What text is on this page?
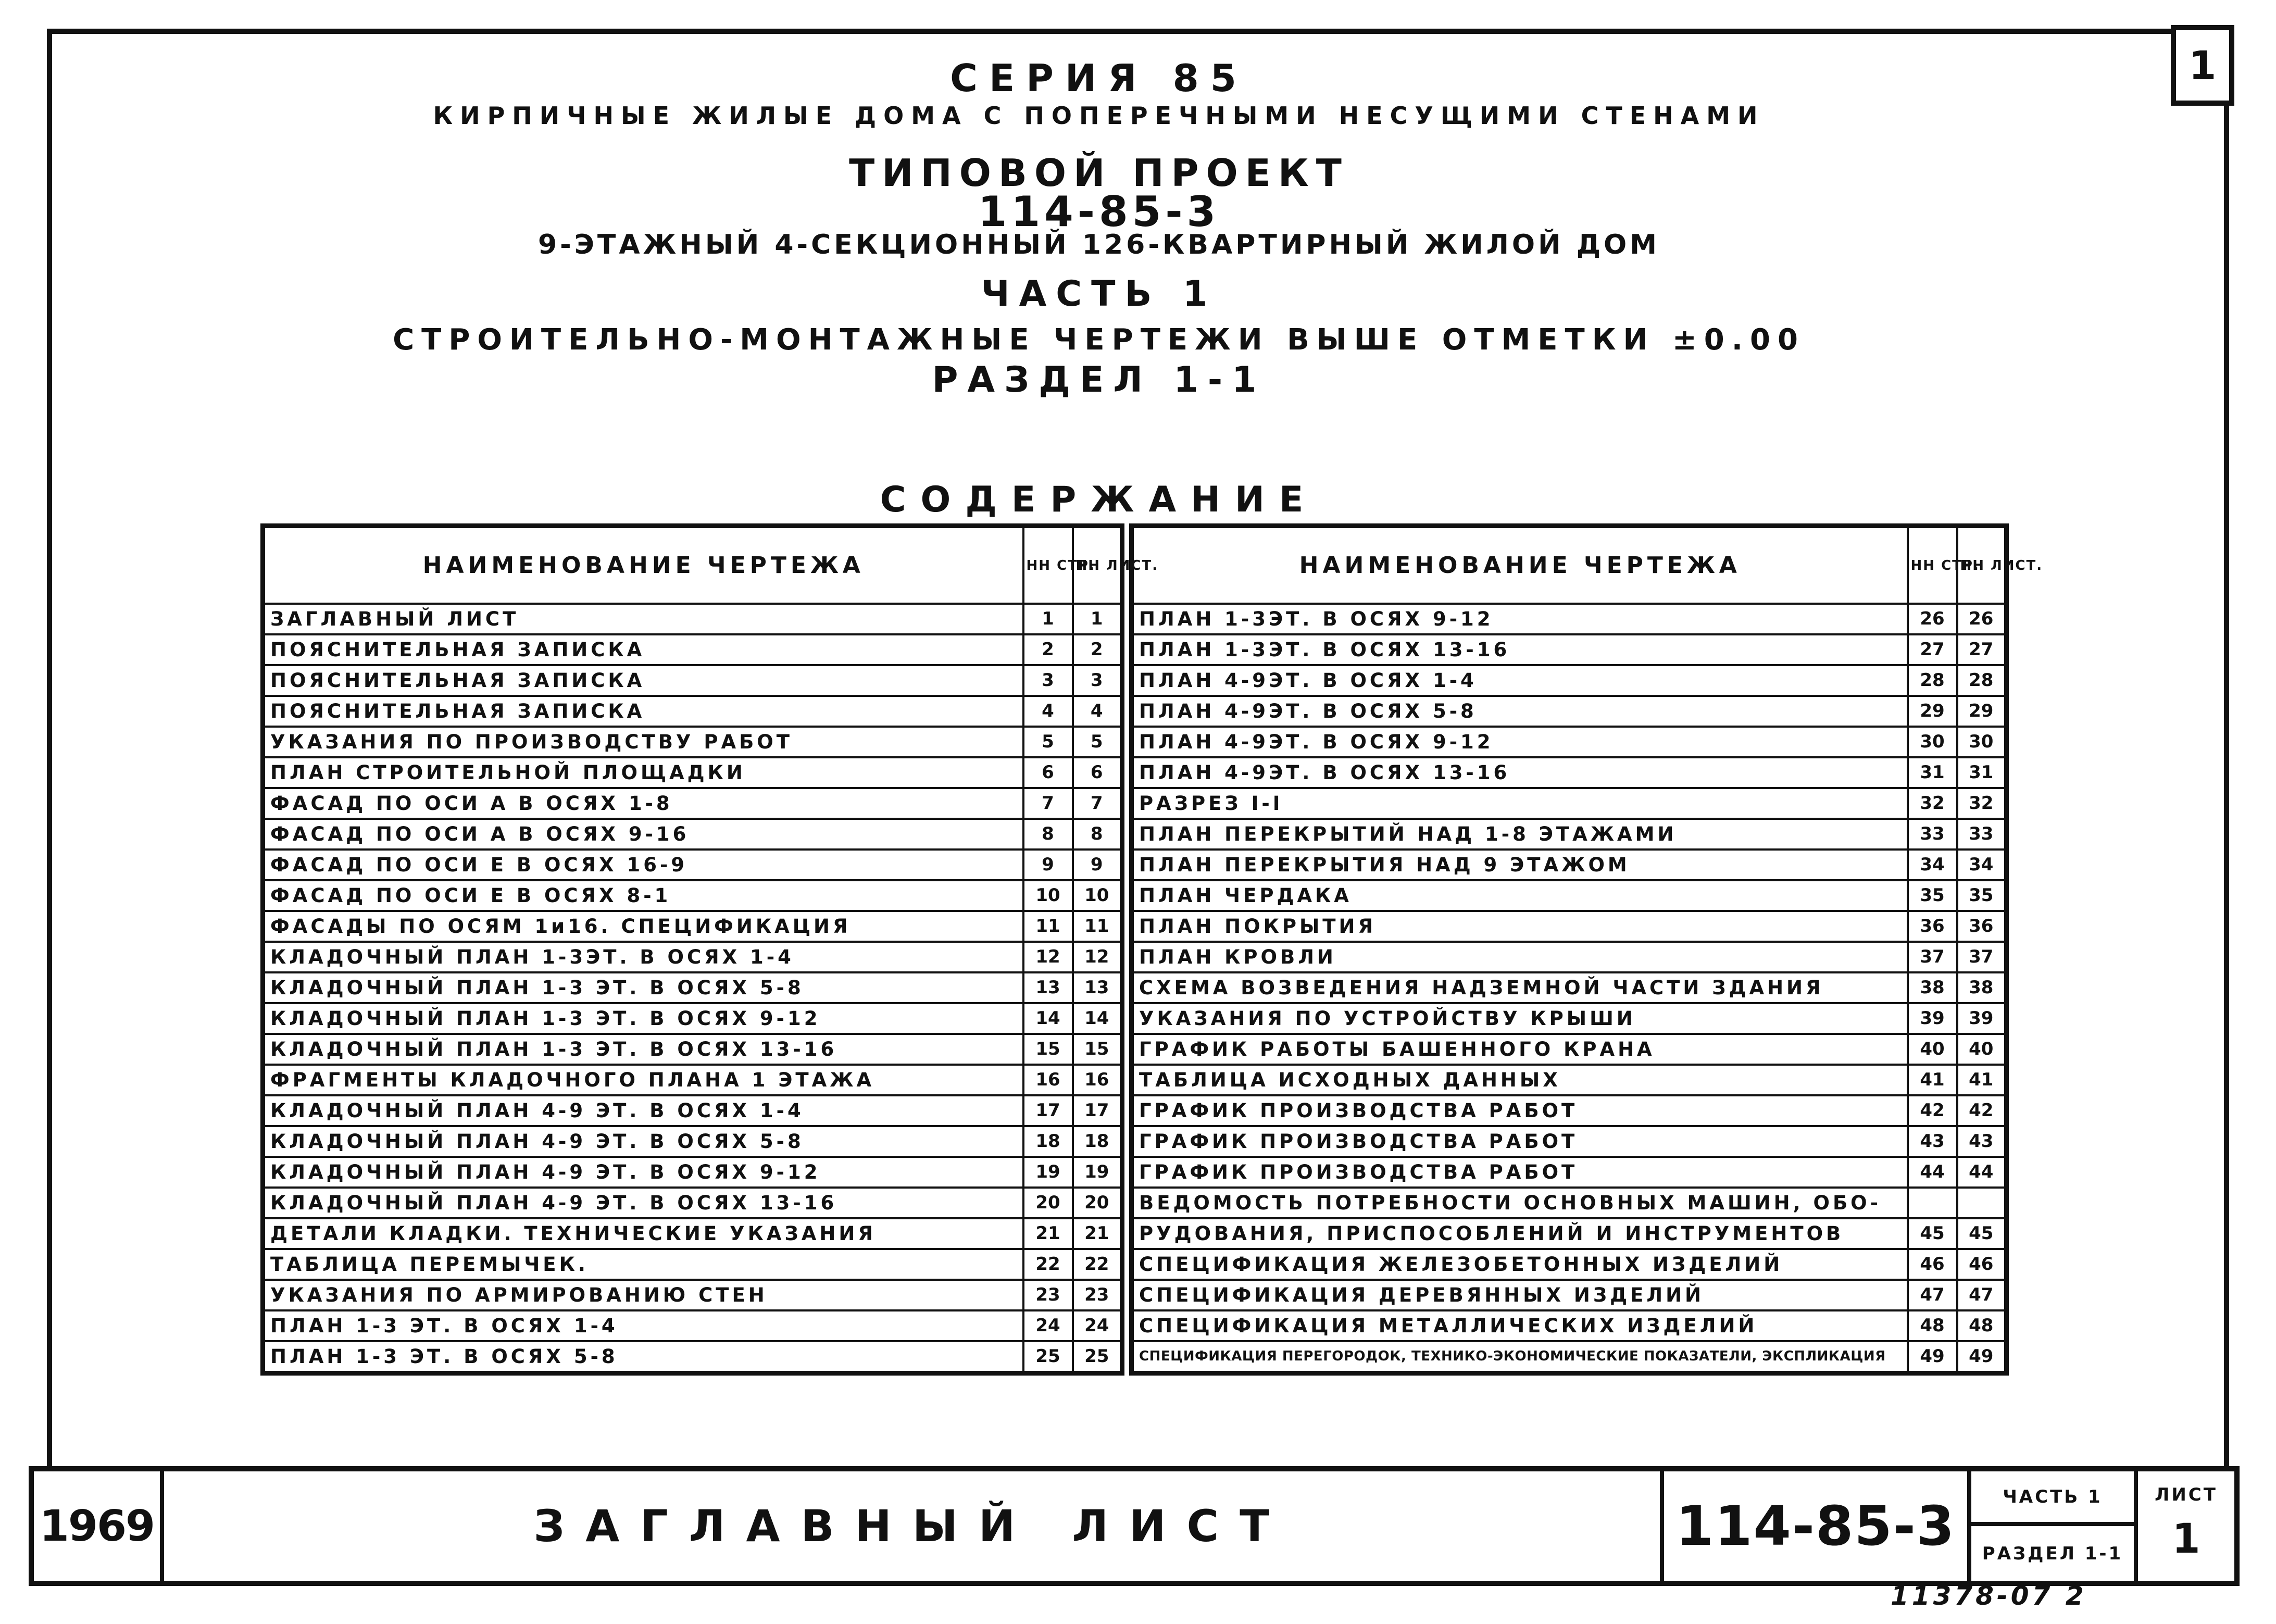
1
СЕРИЯ 85
КИРПИЧНЫЕ ЖИЛЫЕ ДОМА С ПОПЕРЕЧНЫМИ НЕСУЩИМИ СТЕНАМИ
ТИПОВОЙ ПРОЕКТ
114-85-3
9-ЭТАЖНЫЙ 4-СЕКЦИОННЫЙ 126-КВАРТИРНЫЙ ЖИЛОЙ ДОМ
ЧАСТЬ 1
СТРОИТЕЛЬНО-МОНТАЖНЫЕ ЧЕРТЕЖИ ВЫШЕ ОТМЕТКИ ±0.00
РАЗДЕЛ 1-1
СОДЕРЖАНИЕ
НАИМЕНОВАНИЕ ЧЕРТЕЖА	НН СТР.	НН ЛИСТ.
ЗАГЛАВНЫЙ ЛИСТ	1	1
ПОЯСНИТЕЛЬНАЯ ЗАПИСКА	2	2
ПОЯСНИТЕЛЬНАЯ ЗАПИСКА	3	3
ПОЯСНИТЕЛЬНАЯ ЗАПИСКА	4	4
УКАЗАНИЯ ПО ПРОИЗВОДСТВУ РАБОТ	5	5
ПЛАН СТРОИТЕЛЬНОЙ ПЛОЩАДКИ	6	6
ФАСАД ПО ОСИ А В ОСЯХ 1-8	7	7
ФАСАД ПО ОСИ А В ОСЯХ 9-16	8	8
ФАСАД ПО ОСИ Е В ОСЯХ 16-9	9	9
ФАСАД ПО ОСИ Е В ОСЯХ 8-1	10	10
ФАСАДЫ ПО ОСЯМ 1и16. СПЕЦИФИКАЦИЯ	11	11
КЛАДОЧНЫЙ ПЛАН 1-3ЭТ. В ОСЯХ 1-4	12	12
КЛАДОЧНЫЙ ПЛАН 1-3 ЭТ. В ОСЯХ 5-8	13	13
КЛАДОЧНЫЙ ПЛАН 1-3 ЭТ. В ОСЯХ 9-12	14	14
КЛАДОЧНЫЙ ПЛАН 1-3 ЭТ. В ОСЯХ 13-16	15	15
ФРАГМЕНТЫ КЛАДОЧНОГО ПЛАНА 1 ЭТАЖА	16	16
КЛАДОЧНЫЙ ПЛАН 4-9 ЭТ. В ОСЯХ 1-4	17	17
КЛАДОЧНЫЙ ПЛАН 4-9 ЭТ. В ОСЯХ 5-8	18	18
КЛАДОЧНЫЙ ПЛАН 4-9 ЭТ. В ОСЯХ 9-12	19	19
КЛАДОЧНЫЙ ПЛАН 4-9 ЭТ. В ОСЯХ 13-16	20	20
ДЕТАЛИ КЛАДКИ. ТЕХНИЧЕСКИЕ УКАЗАНИЯ	21	21
ТАБЛИЦА ПЕРЕМЫЧЕК.	22	22
УКАЗАНИЯ ПО АРМИРОВАНИЮ СТЕН	23	23
ПЛАН 1-3 ЭТ. В ОСЯХ 1-4	24	24
ПЛАН 1-3 ЭТ. В ОСЯХ 5-8	25	25
НАИМЕНОВАНИЕ ЧЕРТЕЖА	НН СТР.	НН ЛИСТ.
ПЛАН 1-3ЭТ. В ОСЯХ 9-12	26	26
ПЛАН 1-3ЭТ. В ОСЯХ 13-16	27	27
ПЛАН 4-9ЭТ. В ОСЯХ 1-4	28	28
ПЛАН 4-9ЭТ. В ОСЯХ 5-8	29	29
ПЛАН 4-9ЭТ. В ОСЯХ 9-12	30	30
ПЛАН 4-9ЭТ. В ОСЯХ 13-16	31	31
РАЗРЕЗ I-I	32	32
ПЛАН ПЕРЕКРЫТИЙ НАД 1-8 ЭТАЖАМИ	33	33
ПЛАН ПЕРЕКРЫТИЯ НАД 9 ЭТАЖОМ	34	34
ПЛАН ЧЕРДАКА	35	35
ПЛАН ПОКРЫТИЯ	36	36
ПЛАН КРОВЛИ	37	37
СХЕМА ВОЗВЕДЕНИЯ НАДЗЕМНОЙ ЧАСТИ ЗДАНИЯ	38	38
УКАЗАНИЯ ПО УСТРОЙСТВУ КРЫШИ	39	39
ГРАФИК РАБОТЫ БАШЕННОГО КРАНА	40	40
ТАБЛИЦА ИСХОДНЫХ ДАННЫХ	41	41
ГРАФИК ПРОИЗВОДСТВА РАБОТ	42	42
ГРАФИК ПРОИЗВОДСТВА РАБОТ	43	43
ГРАФИК ПРОИЗВОДСТВА РАБОТ	44	44
ВЕДОМОСТЬ ПОТРЕБНОСТИ ОСНОВНЫХ МАШИН, ОБО-		
РУДОВАНИЯ, ПРИСПОСОБЛЕНИЙ И ИНСТРУМЕНТОВ	45	45
СПЕЦИФИКАЦИЯ ЖЕЛЕЗОБЕТОННЫХ ИЗДЕЛИЙ	46	46
СПЕЦИФИКАЦИЯ ДЕРЕВЯННЫХ ИЗДЕЛИЙ	47	47
СПЕЦИФИКАЦИЯ МЕТАЛЛИЧЕСКИХ ИЗДЕЛИЙ	48	48
СПЕЦИФИКАЦИЯ ПЕРЕГОРОДОК, ТЕХНИКО-ЭКОНОМИЧЕСКИЕ ПОКАЗАТЕЛИ, ЭКСПЛИКАЦИЯ	49	49
1969	ЗАГЛАВНЫЙ ЛИСТ	114-85-3	ЧАСТЬ 1
РАЗДЕЛ 1-1
ЛИСТ
1
11378-07 2
